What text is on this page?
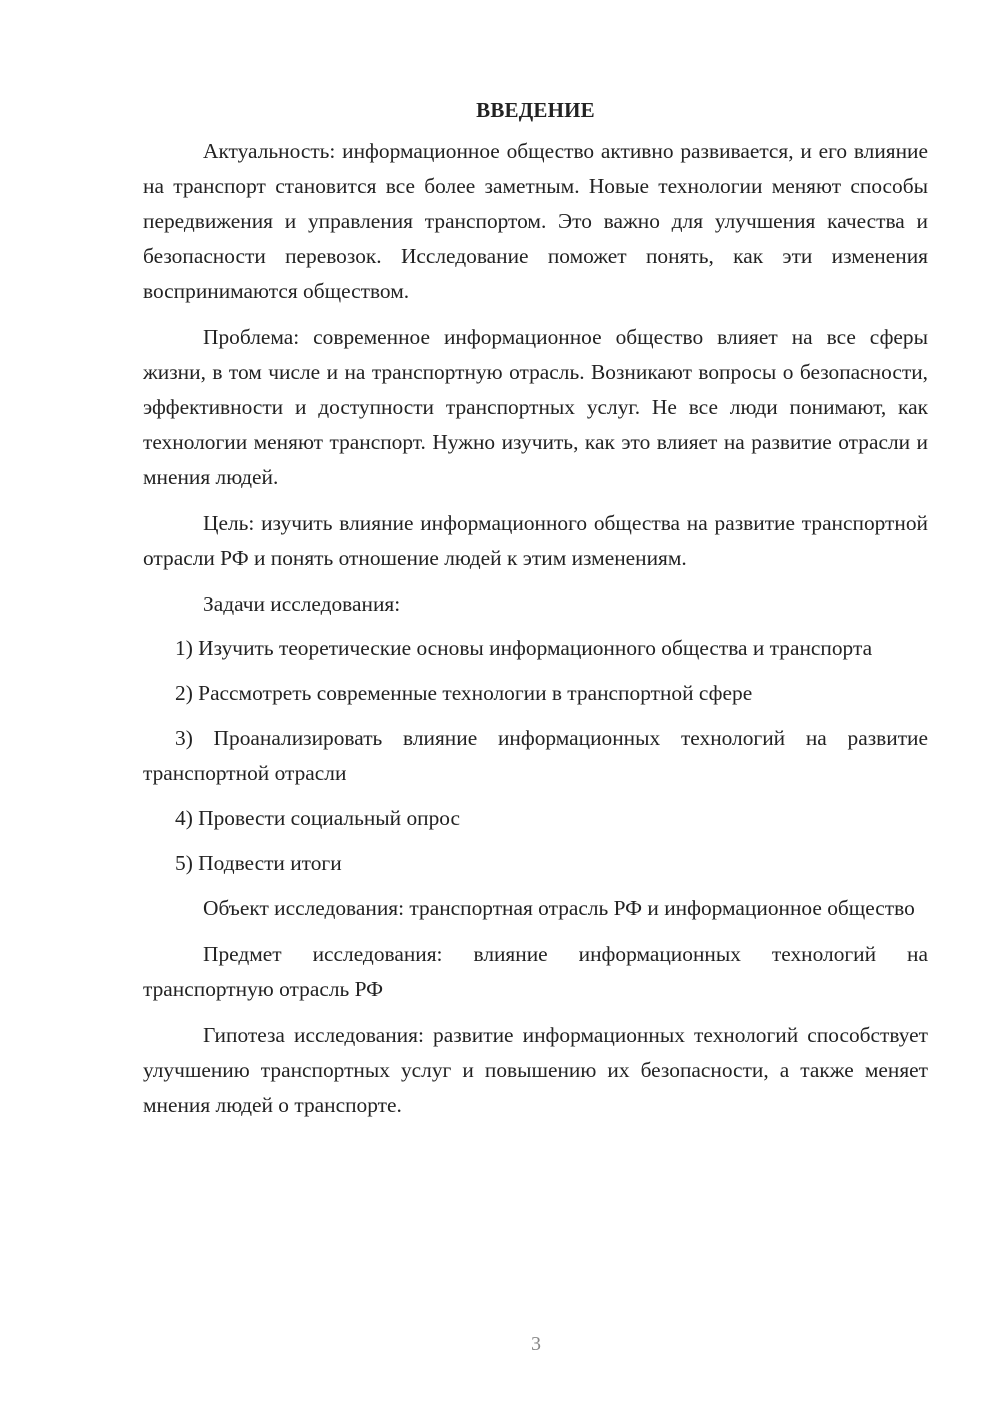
ВВЕДЕНИЕ

Актуальность: информационное общество активно развивается, и его влияние на транспорт становится все более заметным. Новые технологии меняют способы передвижения и управления транспортом. Это важно для улучшения качества и безопасности перевозок. Исследование поможет понять, как эти изменения воспринимаются обществом.

Проблема: современное информационное общество влияет на все сферы жизни, в том числе и на транспортную отрасль. Возникают вопросы о безопасности, эффективности и доступности транспортных услуг. Не все люди понимают, как технологии меняют транспорт. Нужно изучить, как это влияет на развитие отрасли и мнения людей.

Цель: изучить влияние информационного общества на развитие транспортной отрасли РФ и понять отношение людей к этим изменениям.

Задачи исследования:

1) Изучить теоретические основы информационного общества и транспорта

2) Рассмотреть современные технологии в транспортной сфере

3) Проанализировать влияние информационных технологий на развитие транспортной отрасли

4) Провести социальный опрос

5) Подвести итоги

Объект исследования: транспортная отрасль РФ и информационное общество

Предмет исследования: влияние информационных технологий на транспортную отрасль РФ

Гипотеза исследования: развитие информационных технологий способствует улучшению транспортных услуг и повышению их безопасности, а также меняет мнения людей о транспорте.

3
